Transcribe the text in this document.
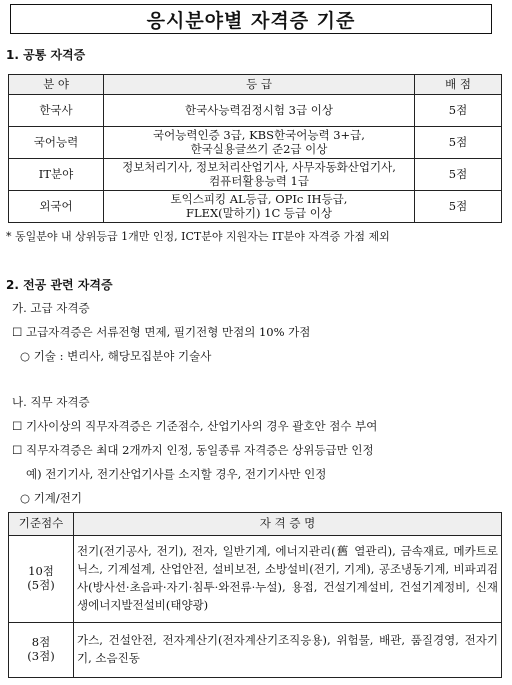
응시분야별 자격증 기준
1. 공통 자격증
분 야	등 급	배 점
한국사	한국사능력검정시험 3급 이상	5점
국어능력	국어능력인증 3급, KBS한국어능력 3+급,
한국실용글쓰기 준2급 이상	5점
IT분야	정보처리기사, 정보처리산업기사, 사무자동화산업기사,
컴퓨터활용능력 1급	5점
외국어	토익스피킹 AL등급, OPIc IH등급,
FLEX(말하기) 1C 등급 이상	5점
* 동일분야 내 상위등급 1개만 인정, ICT분야 지원자는 IT분야 자격증 가점 제외
2. 전공 관련 자격증
가. 고급 자격증
☐ 고급자격증은 서류전형 면제, 필기전형 만점의 10% 가점
○ 기술 : 변리사, 해당모집분야 기술사
나. 직무 자격증
☐ 기사이상의 직무자격증은 기준점수, 산업기사의 경우 괄호안 점수 부여
☐ 직무자격증은 최대 2개까지 인정, 동일종류 자격증은 상위등급만 인정
예) 전기기사, 전기산업기사를 소지할 경우, 전기기사만 인정
○ 기계/전기
기준점수	자 격 증 명

10점
(5점)	전기(전기공사, 전기), 전자, 일반기계, 에너지관리(舊 열관리), 금속재료, 메카트로닉스, 기계설계, 산업안전, 설비보전, 소방설비(전기, 기계), 공조냉동기계, 비파괴검사(방사선·초음파·자기·침투·와전류·누설), 용접, 건설기계설비, 건설기계정비, 신재생에너지발전설비(태양광)

8점
(3점)	가스, 건설안전, 전자계산기(전자계산기조직응용), 위험물, 배관, 품질경영, 전자기기, 소음진동
